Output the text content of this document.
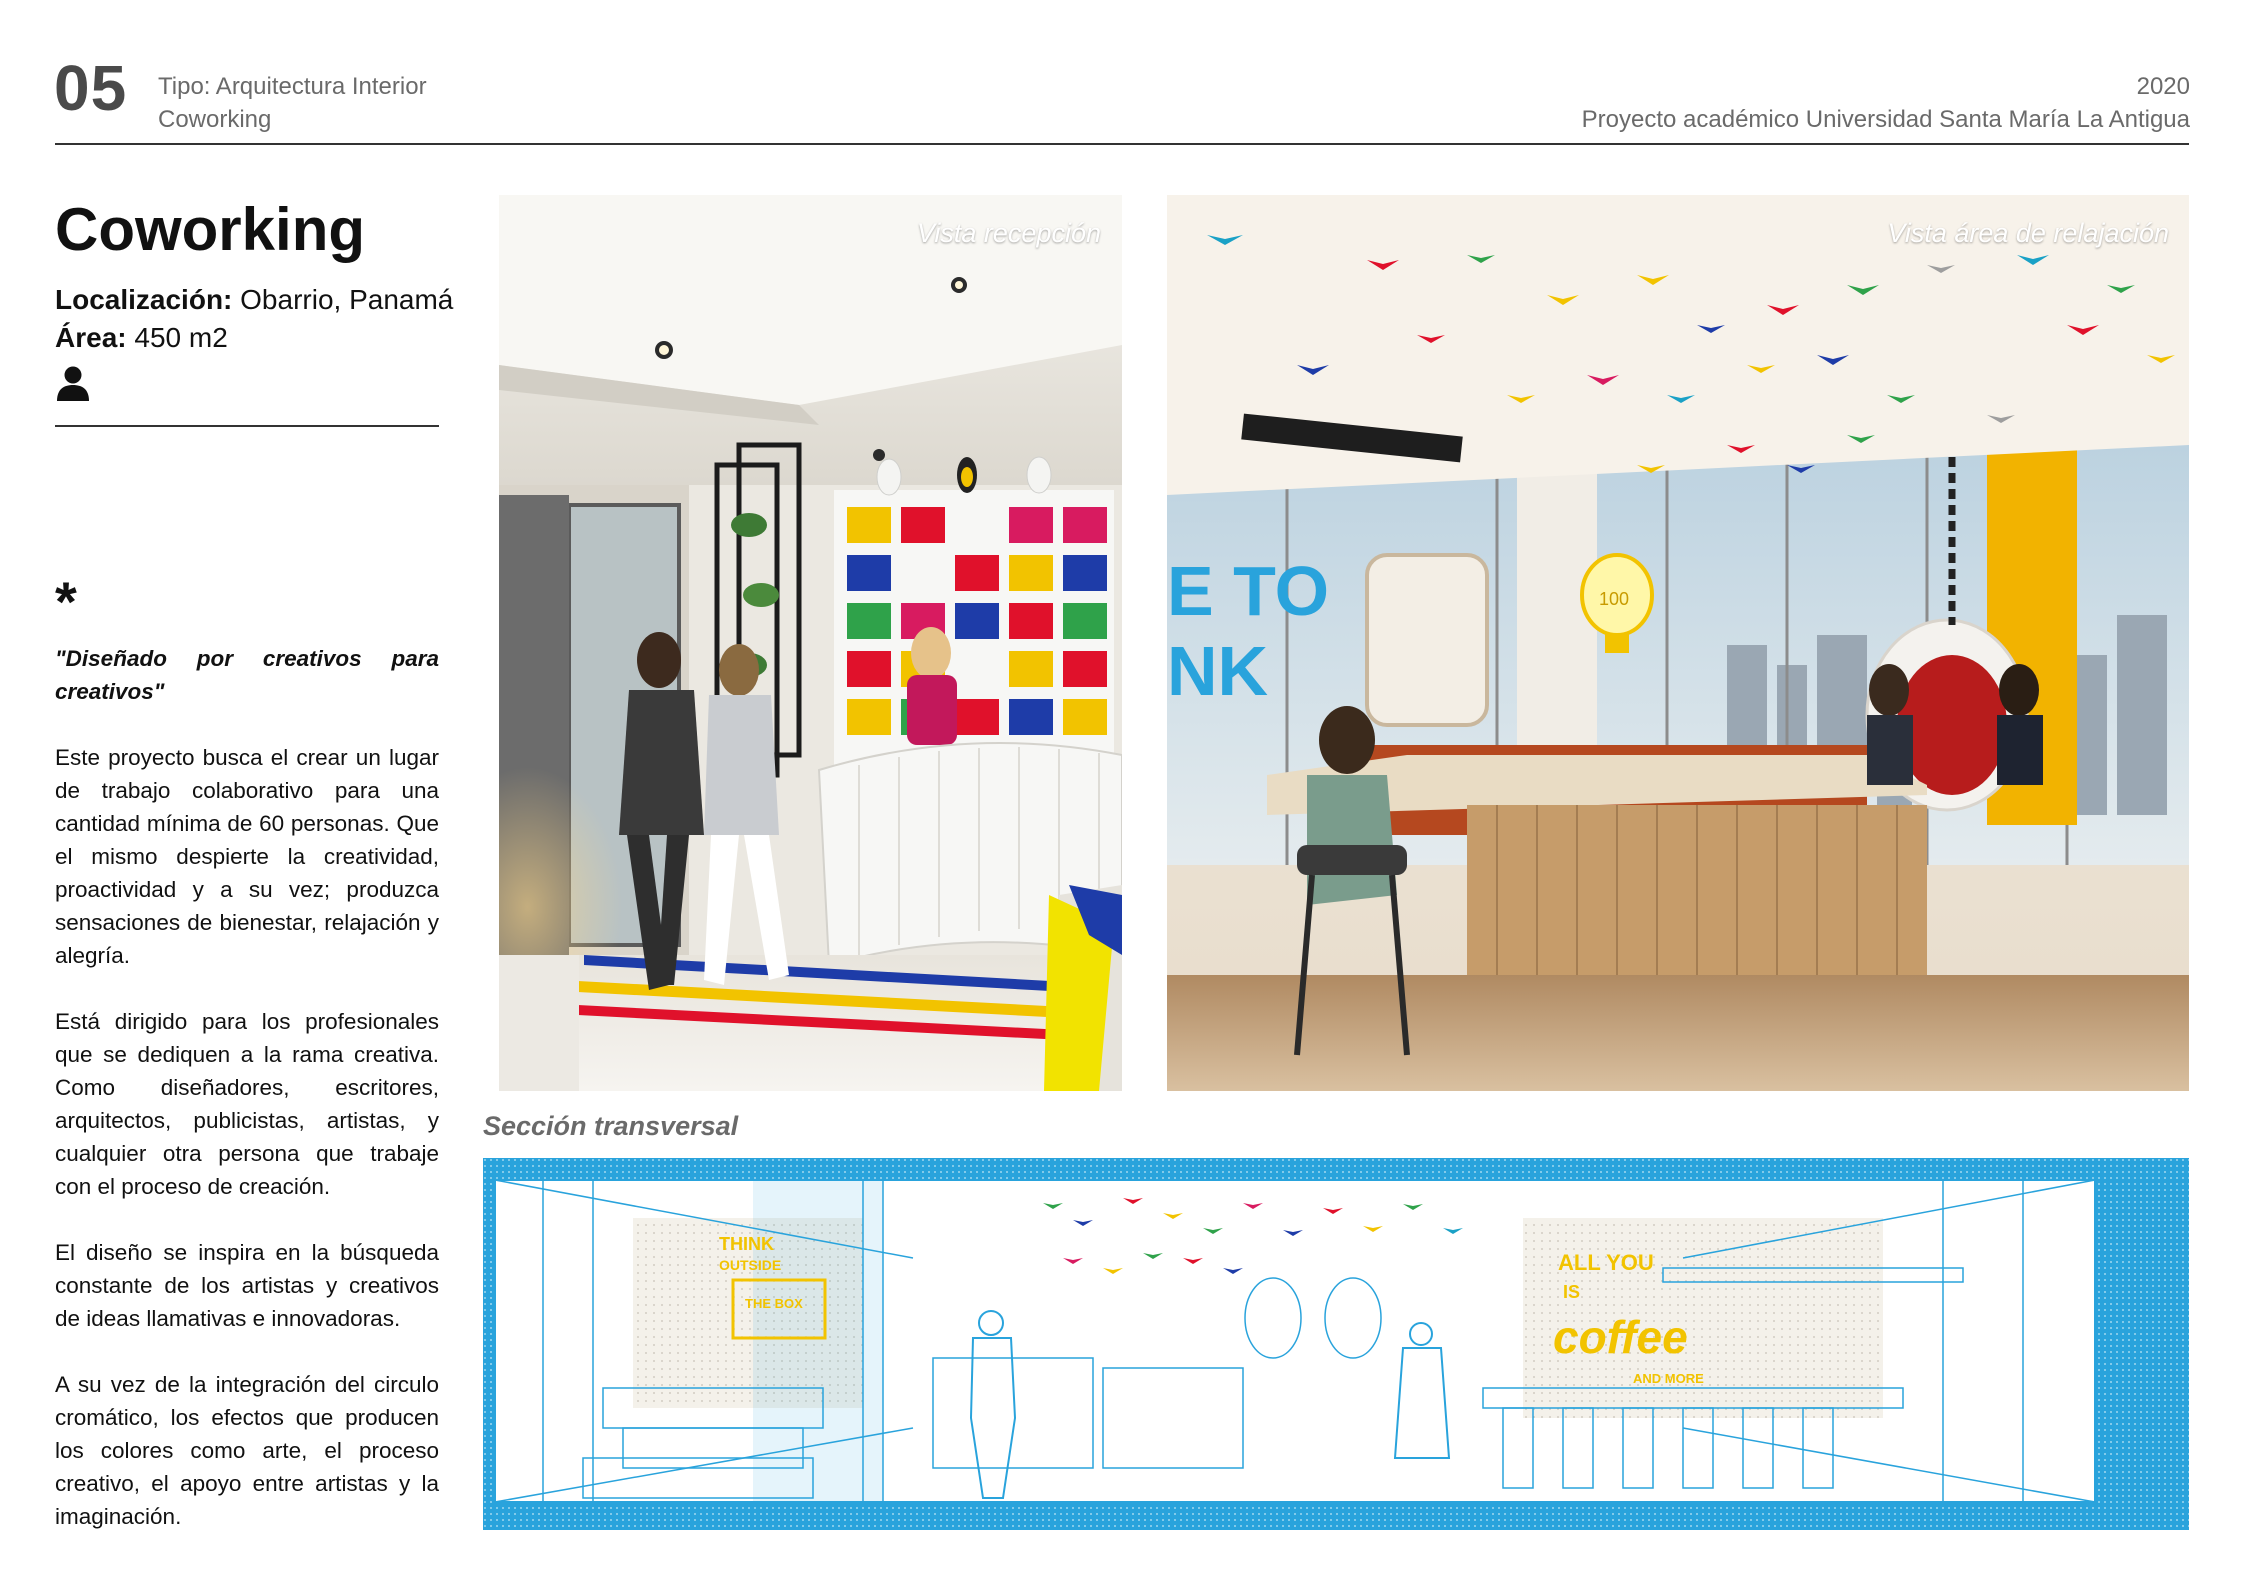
05 Tipo: Arquitectura Interior
Coworking
2020
Proyecto académico Universidad Santa María La Antigua
Coworking
Localización: Obarrio, Panamá
Área: 450 m2
*

"Diseñado por creativos para creativos"

Este proyecto busca el crear un lugar de trabajo colaborativo para una cantidad mínima de 60 personas. Que el mismo despierte la creatividad, proactividad y a su vez; produzca sensaciones de bienestar, relajación y alegría.

Está dirigido para los profesionales que se dediquen a la rama creativa. Como diseñadores, escritores, arquitectos, publicistas, artistas, y cualquier otra persona que trabaje con el proceso de creación.

El diseño se inspira en la búsqueda constante de los artistas y creativos de ideas llamativas e innovadoras.

A su vez de la integración del circulo cromático, los efectos que producen los colores como arte, el proceso creativo, el apoyo entre artistas y la imaginación.

Vista recepción
E TO
NK
100
Vista área de relajación
Sección transversal
THINK
OUTSIDE
THE BOX
ALL YOU
IS
coffee
AND MORE
